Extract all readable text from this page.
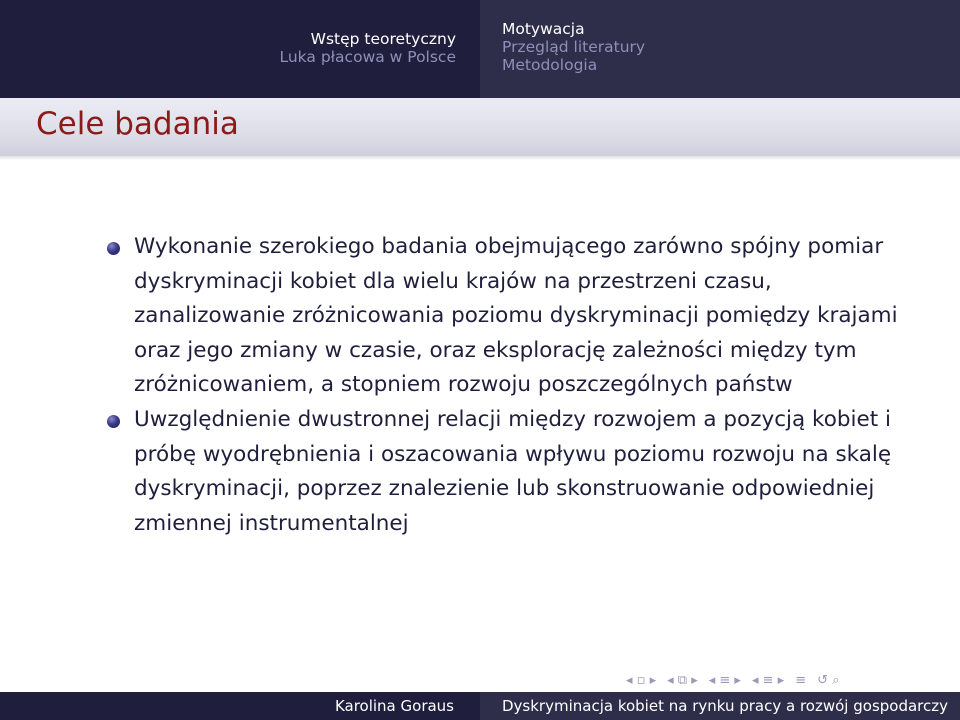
Wstęp teoretyczny
Luka płacowa w Polsce
Motywacja
Przegląd literatury
Metodologia
Cele badania
Wykonanie szerokiego badania obejmującego zarówno spójny pomiar dyskryminacji kobiet dla wielu krajów na przestrzeni czasu, zanalizowanie zróżnicowania poziomu dyskryminacji pomiędzy krajami oraz jego zmiany w czasie, oraz eksplorację zależności między tym zróżnicowaniem, a stopniem rozwoju poszczególnych państw
Uwzględnienie dwustronnej relacji między rozwojem a pozycją kobiet i próbę wyodrębnienia i oszacowania wpływu poziomu rozwoju na skalę dyskryminacji, poprzez znalezienie lub skonstruowanie odpowiedniej zmiennej instrumentalnej
◂ ▫ ▸ ◂ ⧉ ▸ ◂ ≡ ▸ ◂ ≡ ▸ ≡ ↺ ⌕
Karolina Goraus	Dyskryminacja kobiet na rynku pracy a rozwój gospodarczy
